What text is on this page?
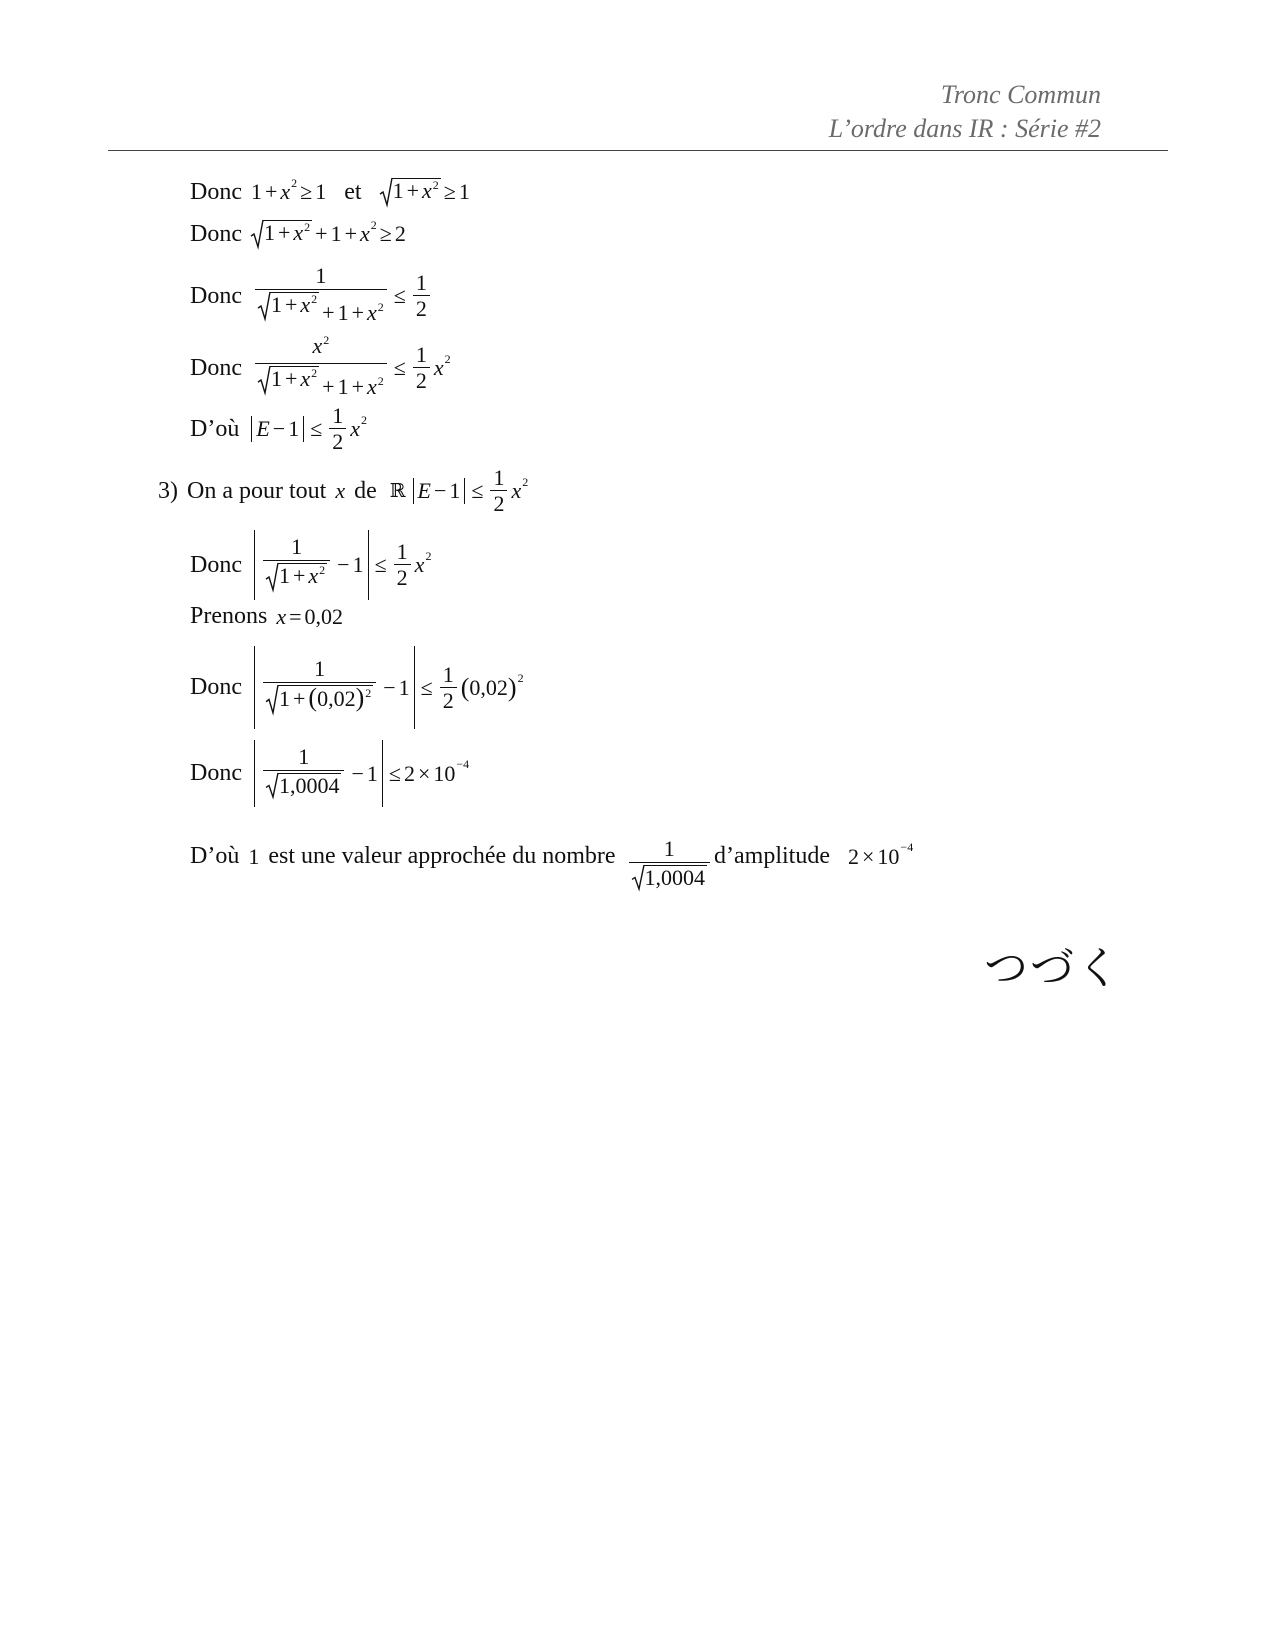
Tronc Commun
L’ordre dans IR : Série #2
Donc $1 + x^2 \ge 1$ et $1 + x^2 \ge 1$
Donc $1 + x^2 + 1 + x^2 \ge 2$
Donc 1
$1 + x^2$
+ $1 + x^2 \le \frac{1}{2}$
Donc $x^2$
$1 + x^2$
+ $1 + x^2 \le \frac{1}{2} x^2$
D’où $E - 1 \le \frac{1}{2} x^2$
3) On a pour tout x de ℝ $E - 1 \le \frac{1}{2} x^2$
Donc $\frac{1}{1 + x^2} - 1 \le \frac{1}{2} x^2$
Prenons x = 0,02
Donc $\frac{1}{1 + (0,02)^2} - 1 \le \frac{1}{2}$ ( 0,02 )$^2$
Donc $\frac{1}{1,0004} - 1 \le 2 \times 10^{-4}$
D’où 1 est une valeur approchée du nombre $\frac{1}{1,0004}$ d’amplitude $2 \times 10^{-4}$
つづく
